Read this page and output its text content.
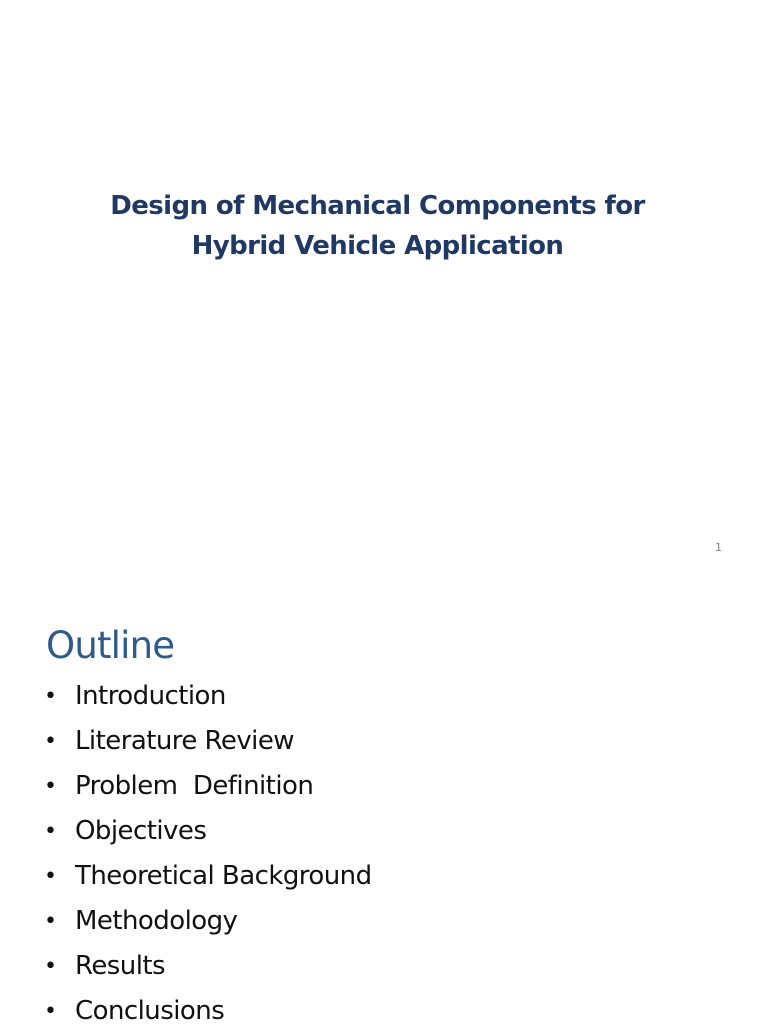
Design of Mechanical Components for
Hybrid Vehicle Application
1
Outline
• Introduction
• Literature Review
• Problem  Definition
• Objectives
• Theoretical Background
• Methodology
• Results
• Conclusions
